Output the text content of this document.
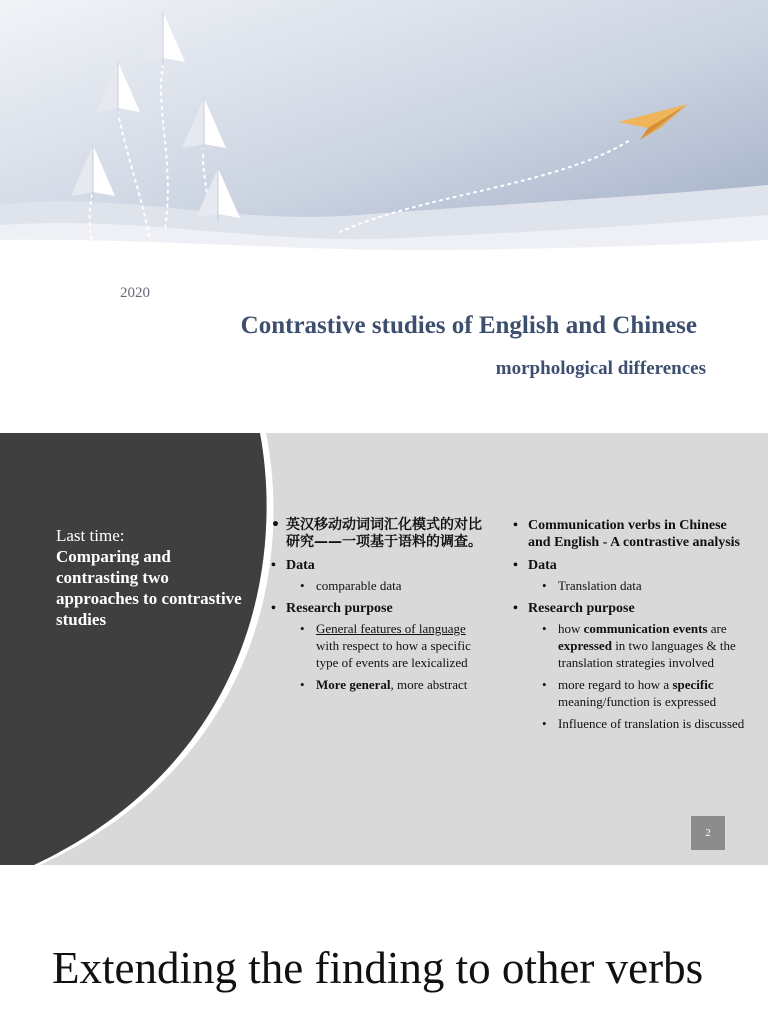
2020
Contrastive studies of English and Chinese
morphological differences
Last time:
Comparing and contrasting two approaches to contrastive studies
• 英汉移动动词词汇化模式的对比研究——一项基于语料的调查。
• Data
• comparable data
• Research purpose
• General features of language with respect to how a specific type of events are lexicalized
• More general, more abstract
• Communication verbs in Chinese and English - A contrastive analysis
• Data
• Translation data
• Research purpose
• how communication events are expressed in two languages & the translation strategies involved
• more regard to how a specific meaning/function is expressed
• Influence of translation is discussed
2
Extending the finding to other verbs
